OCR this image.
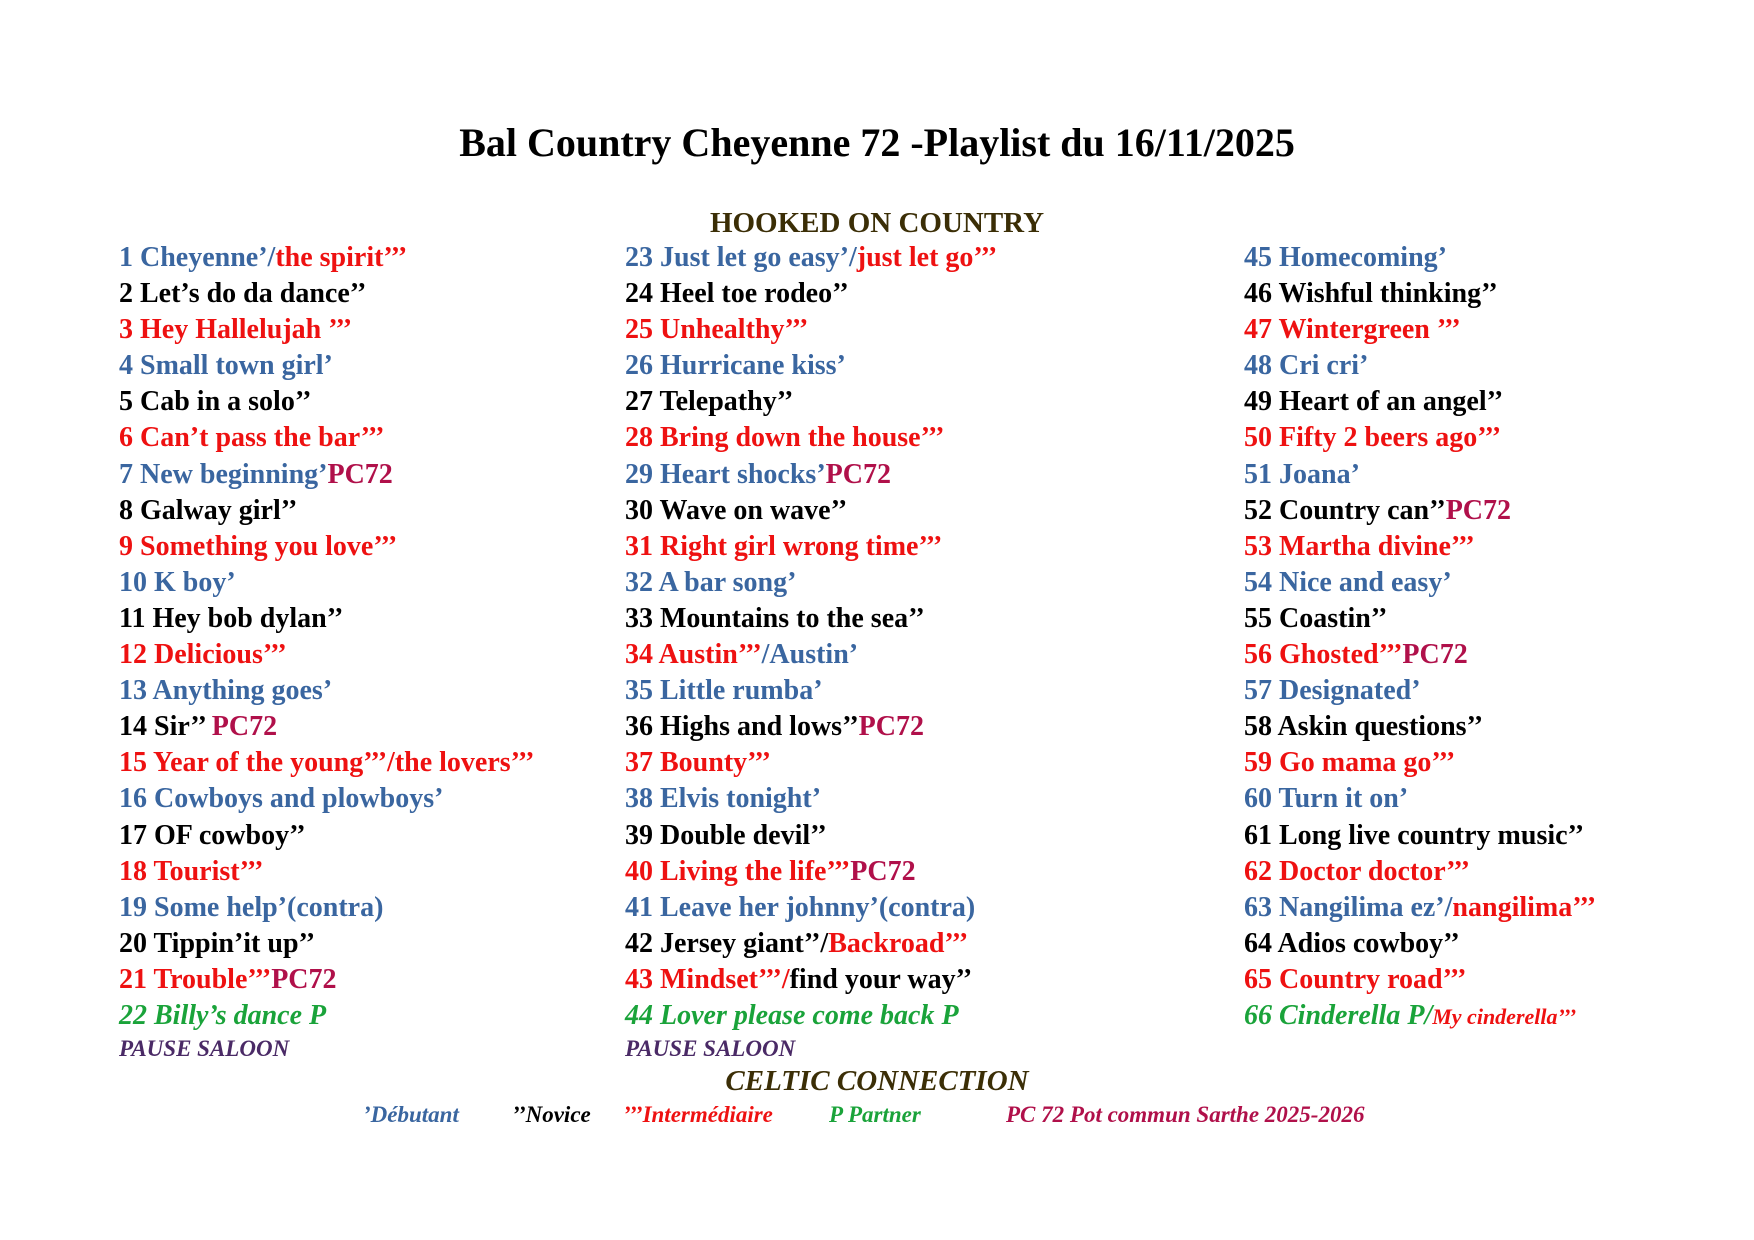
Bal Country Cheyenne 72 -Playlist du 16/11/2025
HOOKED ON COUNTRY
1 Cheyenne’/the spirit’’’
2 Let’s do da dance’’
3 Hey Hallelujah ’’’
4 Small town girl’
5 Cab in a solo’’
6 Can’t pass the bar’’’
7 New beginning’PC72
8 Galway girl’’
9 Something you love’’’
10 K boy’
11 Hey bob dylan’’
12 Delicious’’’
13 Anything goes’
14 Sir’’ PC72
15 Year of the young’’’/the lovers’’’
16 Cowboys and plowboys’
17 OF cowboy’’
18 Tourist’’’
19 Some help’(contra)
20 Tippin’it up’’
21 Trouble’’’PC72
22 Billy’s dance P
PAUSE SALOON
23 Just let go easy’/just let go’’’
24 Heel toe rodeo’’
25 Unhealthy’’’
26 Hurricane kiss’
27 Telepathy’’
28 Bring down the house’’’
29 Heart shocks’PC72
30 Wave on wave’’
31 Right girl wrong time’’’
32 A bar song’
33 Mountains to the sea’’
34 Austin’’’/Austin’
35 Little rumba’
36 Highs and lows’’PC72
37 Bounty’’’
38 Elvis tonight’
39 Double devil’’
40 Living the life’’’PC72
41 Leave her johnny’(contra)
42 Jersey giant’’/Backroad’’’
43 Mindset’’’/find your way’’
44 Lover please come back P
PAUSE SALOON
45 Homecoming’
46 Wishful thinking’’
47 Wintergreen ’’’
48 Cri cri’
49 Heart of an angel’’
50 Fifty 2 beers ago’’’
51 Joana’
52 Country can’’PC72
53 Martha divine’’’
54 Nice and easy’
55 Coastin’’
56 Ghosted’’’PC72
57 Designated’
58 Askin questions’’
59 Go mama go’’’
60 Turn it on’
61 Long live country music’’
62 Doctor doctor’’’
63 Nangilima ez’/nangilima’’’
64 Adios cowboy’’
65 Country road’’’
66 Cinderella P/My cinderella’’’
CELTIC CONNECTION
’Débutant ’’Novice ’’’Intermédiaire P Partner	PC 72 Pot commun Sarthe 2025-2026
